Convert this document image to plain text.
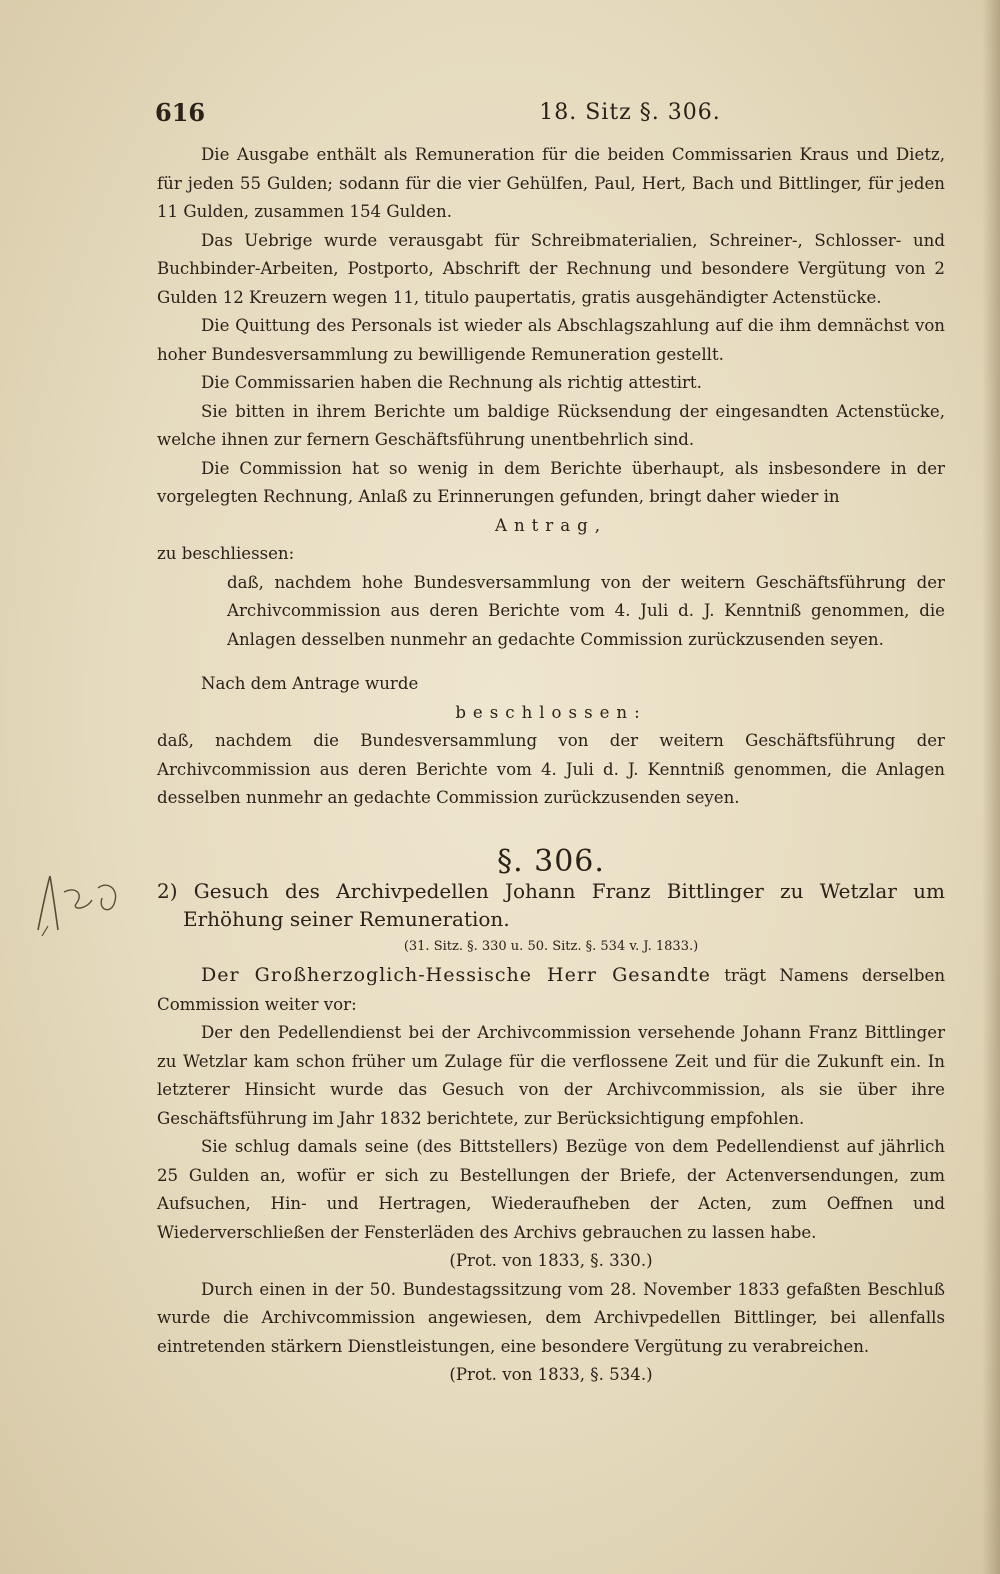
616	18. Sitz §. 306.

Die Ausgabe enthält als Remuneration für die beiden Commissarien Kraus und Dietz, für jeden 55 Gulden; sodann für die vier Gehülfen, Paul, Hert, Bach und Bittlinger, für jeden 11 Gulden, zusammen 154 Gulden.

Das Uebrige wurde verausgabt für Schreibmaterialien, Schreiner-, Schlosser- und Buchbinder-Arbeiten, Postporto, Abschrift der Rechnung und besondere Vergütung von 2 Gulden 12 Kreuzern wegen 11, titulo paupertatis, gratis ausgehändigter Actenstücke.

Die Quittung des Personals ist wieder als Abschlagszahlung auf die ihm demnächst von hoher Bundesversammlung zu bewilligende Remuneration gestellt.

Die Commissarien haben die Rechnung als richtig attestirt.

Sie bitten in ihrem Berichte um baldige Rücksendung der eingesandten Actenstücke, welche ihnen zur fernern Geschäftsführung unentbehrlich sind.

Die Commission hat so wenig in dem Berichte überhaupt, als insbesondere in der vorgelegten Rechnung, Anlaß zu Erinnerungen gefunden, bringt daher wieder in

Antrag,

zu beschliessen:

daß, nachdem hohe Bundesversammlung von der weitern Geschäftsführung der Archivcommission aus deren Berichte vom 4. Juli d. J. Kenntniß genommen, die Anlagen desselben nunmehr an gedachte Commission zurückzusenden seyen.

Nach dem Antrage wurde

beschlossen:

daß, nachdem die Bundesversammlung von der weitern Geschäftsführung der Archivcommission aus deren Berichte vom 4. Juli d. J. Kenntniß genommen, die Anlagen desselben nunmehr an gedachte Commission zurückzusenden seyen.

§. 306.

2) Gesuch des Archivpedellen Johann Franz Bittlinger zu Wetzlar um Erhöhung seiner Remuneration.

(31. Sitz. §. 330 u. 50. Sitz. §. 534 v. J. 1833.)

Der Großherzoglich-Hessische Herr Gesandte trägt Namens derselben Commission weiter vor:

Der den Pedellendienst bei der Archivcommission versehende Johann Franz Bittlinger zu Wetzlar kam schon früher um Zulage für die verflossene Zeit und für die Zukunft ein. In letzterer Hinsicht wurde das Gesuch von der Archivcommission, als sie über ihre Geschäftsführung im Jahr 1832 berichtete, zur Berücksichtigung empfohlen.

Sie schlug damals seine (des Bittstellers) Bezüge von dem Pedellendienst auf jährlich 25 Gulden an, wofür er sich zu Bestellungen der Briefe, der Actenversendungen, zum Aufsuchen, Hin- und Hertragen, Wiederaufheben der Acten, zum Oeffnen und Wiederverschließen der Fensterläden des Archivs gebrauchen zu lassen habe.

(Prot. von 1833, §. 330.)

Durch einen in der 50. Bundestagssitzung vom 28. November 1833 gefaßten Beschluß wurde die Archivcommission angewiesen, dem Archivpedellen Bittlinger, bei allenfalls eintretenden stärkern Dienstleistungen, eine besondere Vergütung zu verabreichen.

(Prot. von 1833, §. 534.)
